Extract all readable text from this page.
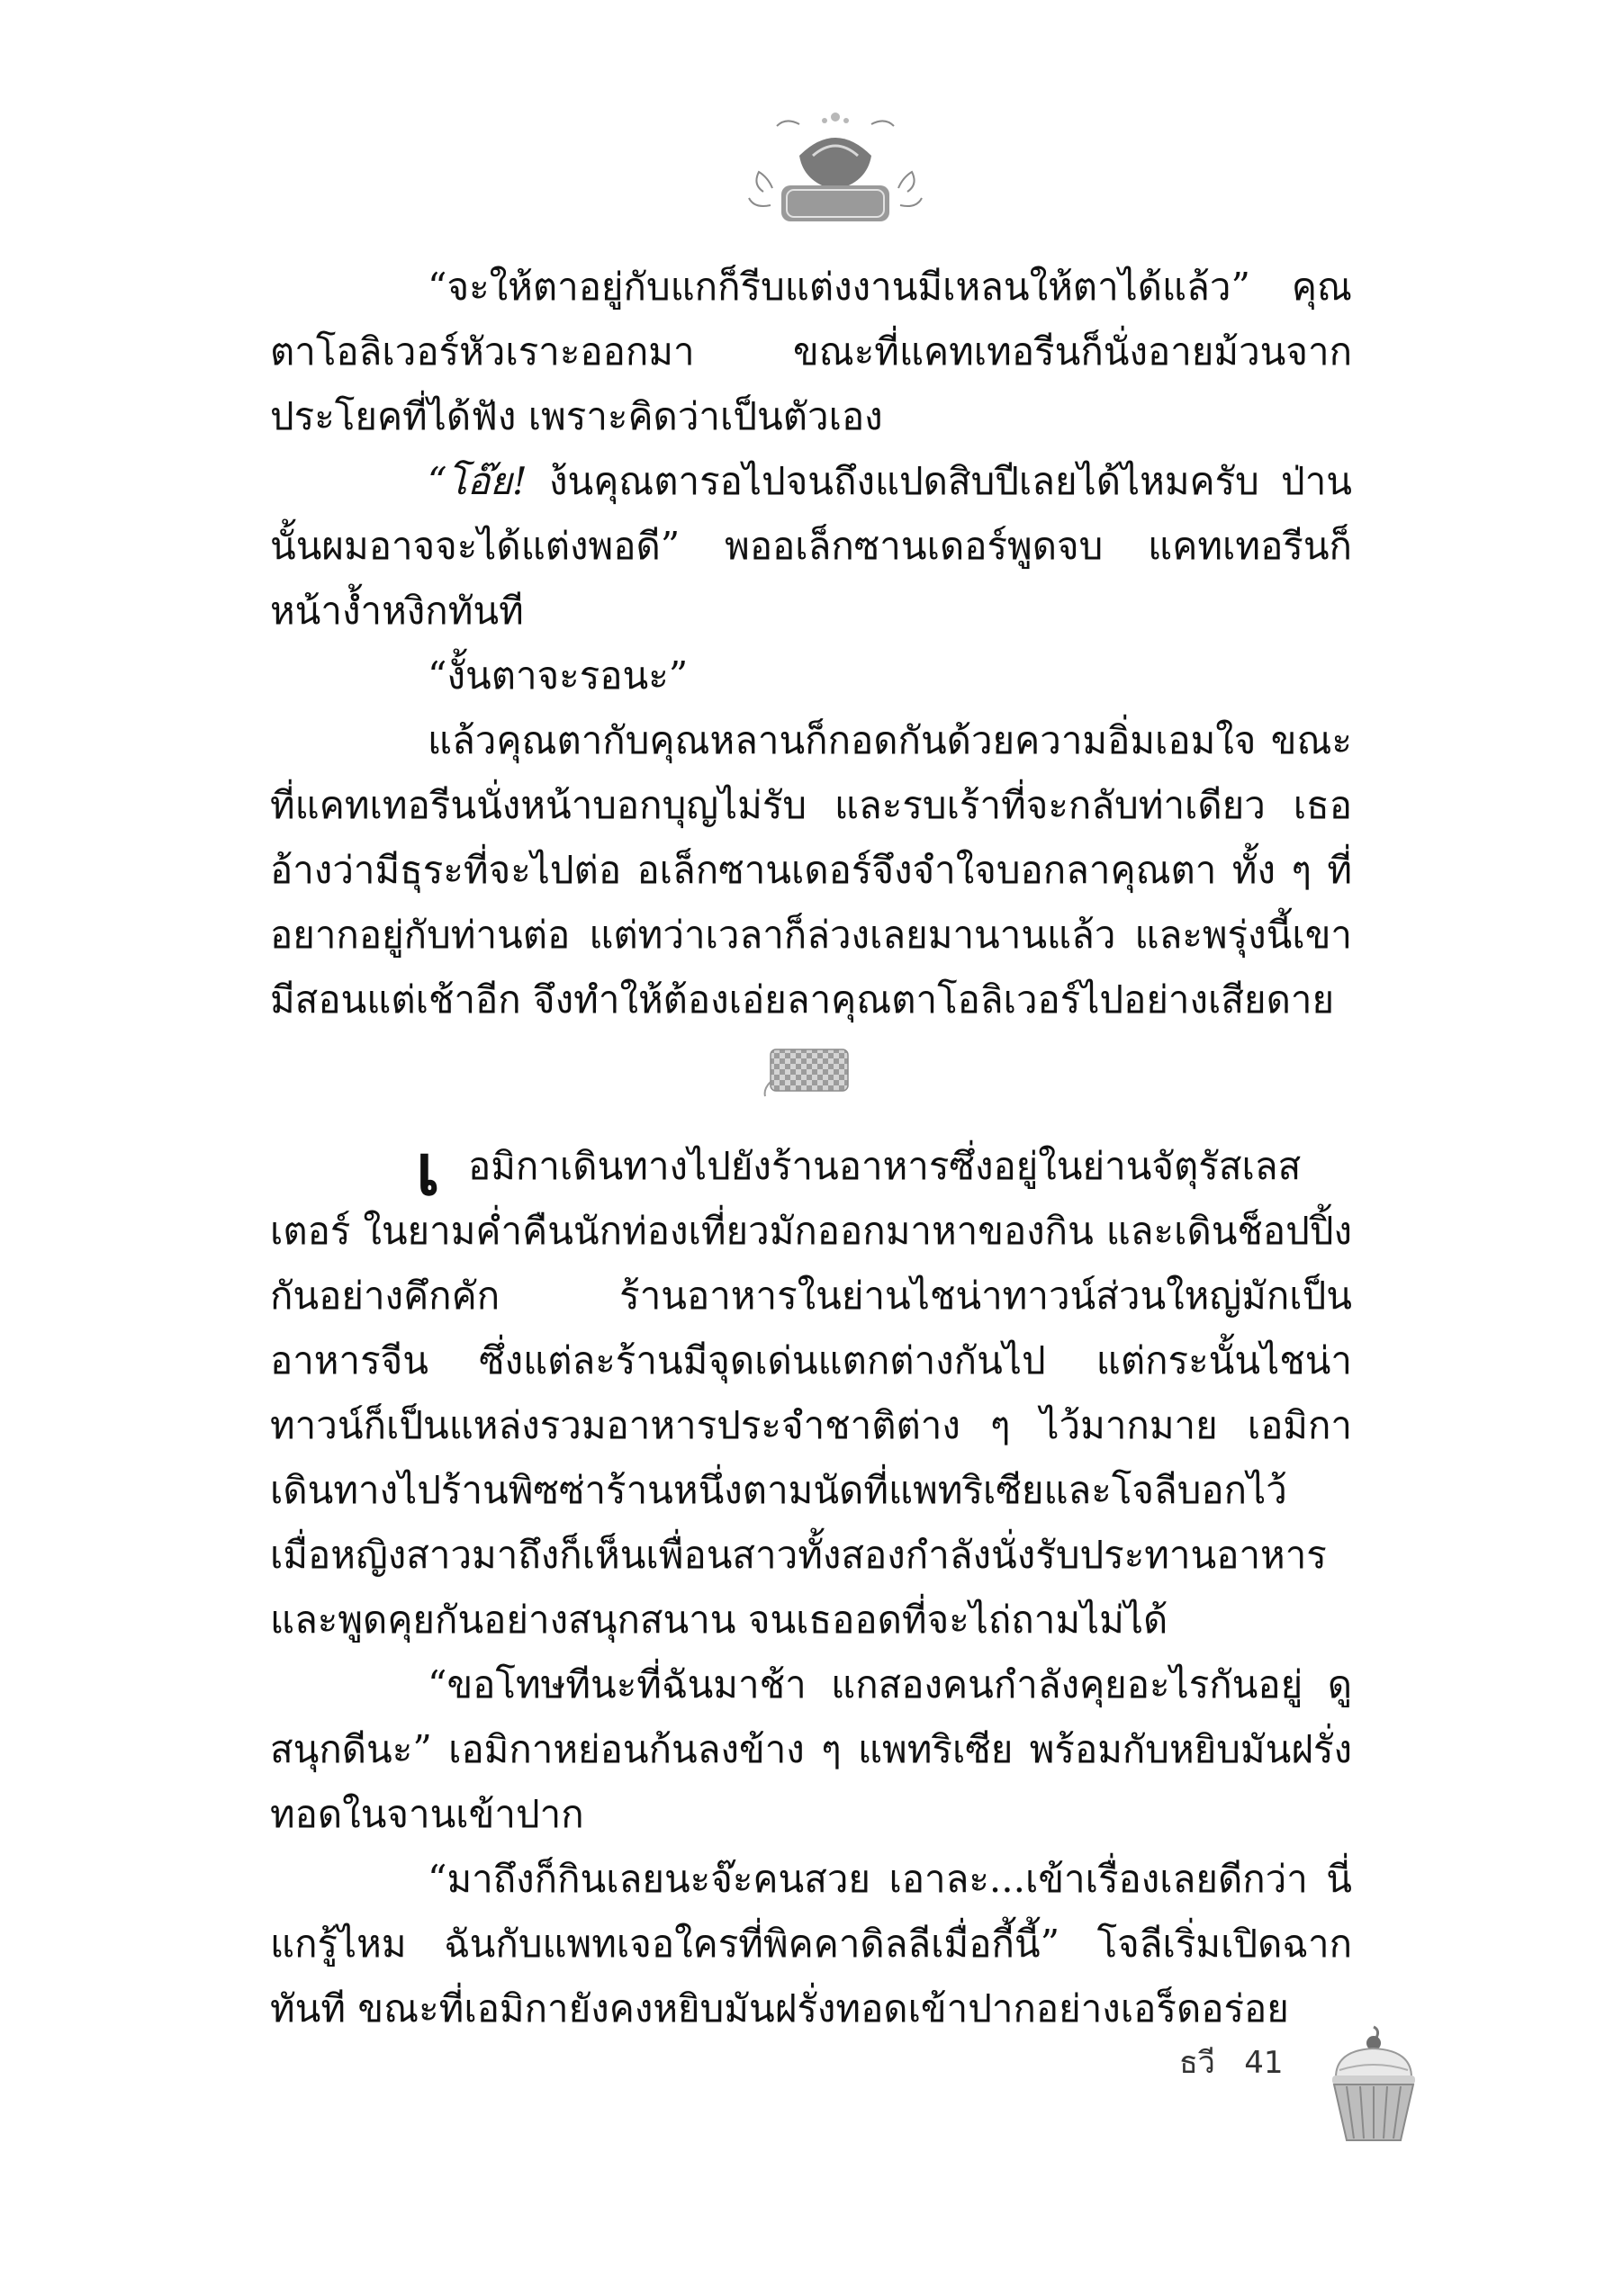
“จะให้ตาอยู่กับแกก็รีบแต่งงานมีเหลนให้ตาได้แล้ว” คุณตาโอลิเวอร์หัวเราะออกมา ขณะที่แคทเทอรีนก็นั่งอายม้วนจากประโยคที่ได้ฟัง เพราะคิดว่าเป็นตัวเอง

“โอ๊ย! ง้นคุณตารอไปจนถึงแปดสิบปีเลยได้ไหมครับ ป่านนั้นผมอาจจะได้แต่งพอดี” พออเล็กซานเดอร์พูดจบ แคทเทอรีนก็หน้าง้ำหงิกทันที

“งั้นตาจะรอนะ”

แล้วคุณตากับคุณหลานก็กอดกันด้วยความอิ่มเอมใจ ขณะที่แคทเทอรีนนั่งหน้าบอกบุญไม่รับ และรบเร้าที่จะกลับท่าเดียว เธออ้างว่ามีธุระที่จะไปต่อ อเล็กซานเดอร์จึงจำใจบอกลาคุณตา ทั้ง ๆ ที่อยากอยู่กับท่านต่อ แต่ทว่าเวลาก็ล่วงเลยมานานแล้ว และพรุ่งนี้เขามีสอนแต่เช้าอีก จึงทำให้ต้องเอ่ยลาคุณตาโอลิเวอร์ไปอย่างเสียดาย

เ อมิกาเดินทางไปยังร้านอาหารซึ่งอยู่ในย่านจัตุรัสเลสเตอร์ ในยามค่ำคืนนักท่องเที่ยวมักออกมาหาของกิน และเดินช็อปปิ้งกันอย่างคึกคัก ร้านอาหารในย่านไชน่าทาวน์ส่วนใหญ่มักเป็นอาหารจีน ซึ่งแต่ละร้านมีจุดเด่นแตกต่างกันไป แต่กระนั้นไชน่าทาวน์ก็เป็นแหล่งรวมอาหารประจำชาติต่าง ๆ ไว้มากมาย เอมิกาเดินทางไปร้านพิซซ่าร้านหนึ่งตามนัดที่แพทริเซียและโจลีบอกไว้ เมื่อหญิงสาวมาถึงก็เห็นเพื่อนสาวทั้งสองกำลังนั่งรับประทานอาหาร และพูดคุยกันอย่างสนุกสนาน จนเธออดที่จะไถ่ถามไม่ได้

“ขอโทษทีนะที่ฉันมาช้า แกสองคนกำลังคุยอะไรกันอยู่ ดูสนุกดีนะ” เอมิกาหย่อนก้นลงข้าง ๆ แพทริเซีย พร้อมกับหยิบมันฝรั่งทอดในจานเข้าปาก

“มาถึงก็กินเลยนะจ๊ะคนสวย เอาละ...เข้าเรื่องเลยดีกว่า นี่แกรู้ไหม ฉันกับแพทเจอใครที่พิคคาดิลลีเมื่อกี้นี้” โจลีเริ่มเปิดฉากทันที ขณะที่เอมิกายังคงหยิบมันฝรั่งทอดเข้าปากอย่างเอร็ดอร่อย

ธวี 41
